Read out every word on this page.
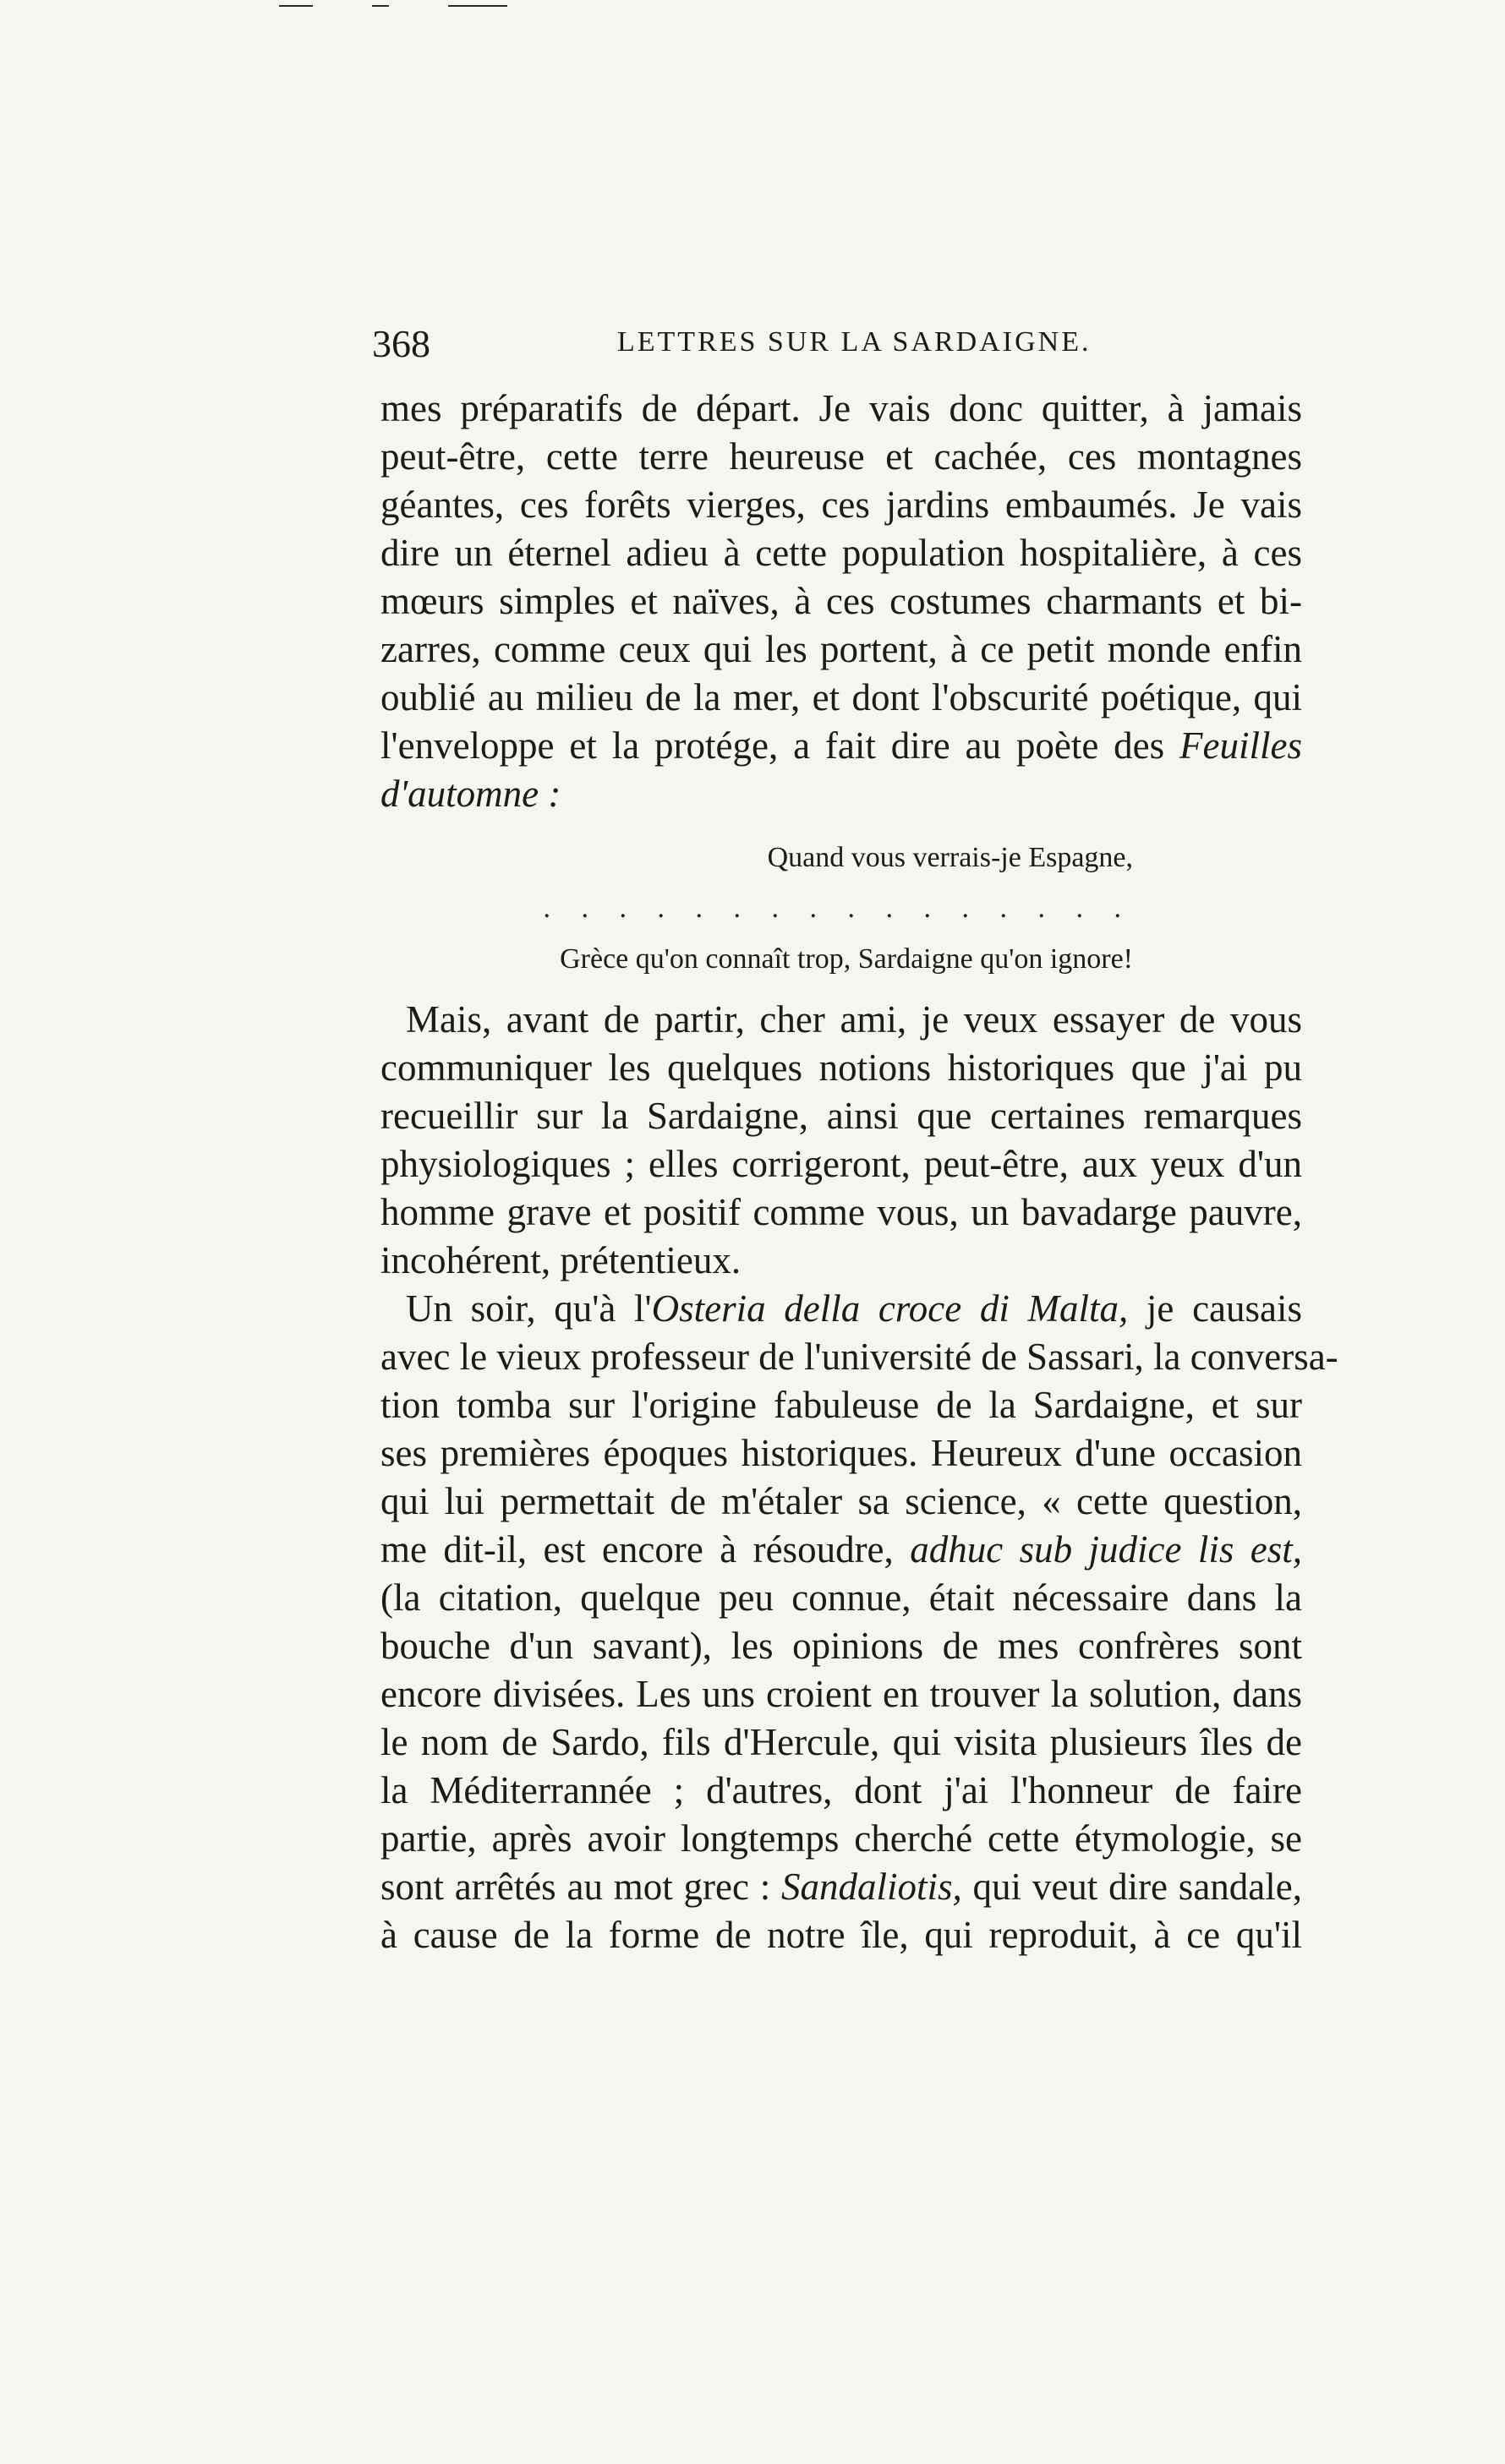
368	LETTRES SUR LA SARDAIGNE.
mes préparatifs de départ. Je vais donc quitter, à jamais
peut-être, cette terre heureuse et cachée, ces montagnes
géantes, ces forêts vierges, ces jardins embaumés. Je vais
dire un éternel adieu à cette population hospitalière, à ces
mœurs simples et naïves, à ces costumes charmants et bi-
zarres, comme ceux qui les portent, à ce petit monde enfin
oublié au milieu de la mer, et dont l'obscurité poétique, qui
l'enveloppe et la protége, a fait dire au poète des Feuilles
d'automne :
Quand vous verrais-je Espagne,
. . . . . . . . . . . . . . . .
Grèce qu'on connaît trop, Sardaigne qu'on ignore!
Mais, avant de partir, cher ami, je veux essayer de vous
communiquer les quelques notions historiques que j'ai pu
recueillir sur la Sardaigne, ainsi que certaines remarques
physiologiques ; elles corrigeront, peut-être, aux yeux d'un
homme grave et positif comme vous, un bavadarge pauvre,
incohérent, prétentieux.
Un soir, qu'à l'Osteria della croce di Malta, je causais
avec le vieux professeur de l'université de Sassari, la conversa-
tion tomba sur l'origine fabuleuse de la Sardaigne, et sur
ses premières époques historiques. Heureux d'une occasion
qui lui permettait de m'étaler sa science, « cette question,
me dit-il, est encore à résoudre, adhuc sub judice lis est,
(la citation, quelque peu connue, était nécessaire dans la
bouche d'un savant), les opinions de mes confrères sont
encore divisées. Les uns croient en trouver la solution, dans
le nom de Sardo, fils d'Hercule, qui visita plusieurs îles de
la Méditerrannée ; d'autres, dont j'ai l'honneur de faire
partie, après avoir longtemps cherché cette étymologie, se
sont arrêtés au mot grec : Sandaliotis, qui veut dire sandale,
à cause de la forme de notre île, qui reproduit, à ce qu'il
